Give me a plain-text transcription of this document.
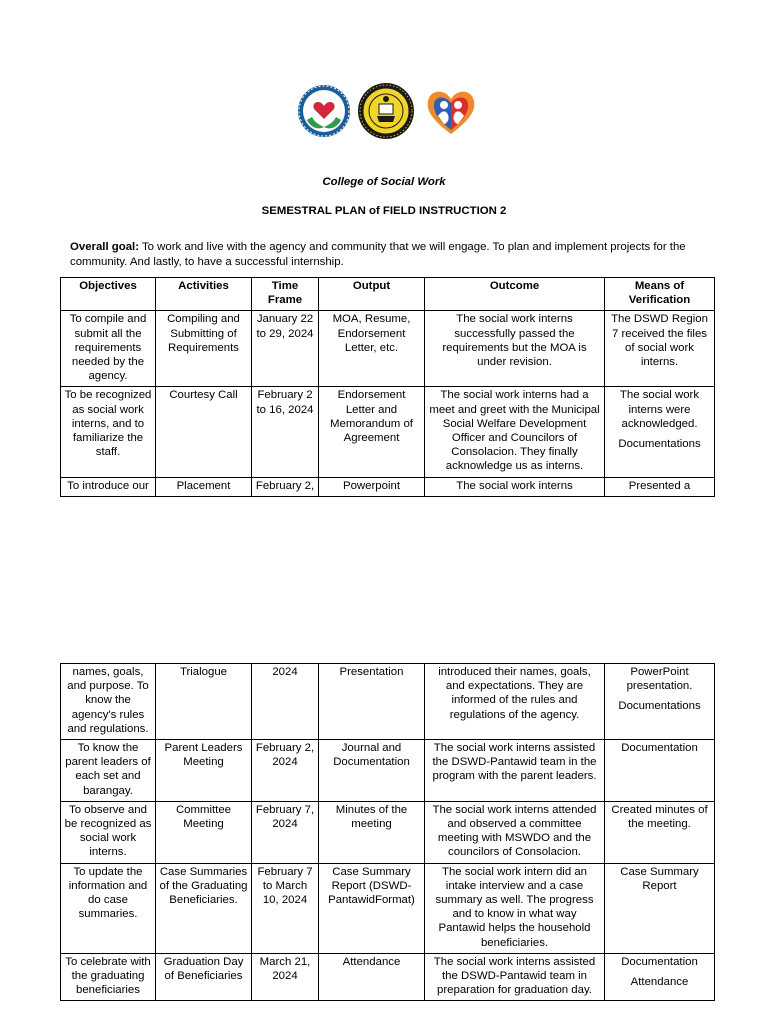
College of Social Work
SEMESTRAL PLAN of FIELD INSTRUCTION 2
Overall goal: To work and live with the agency and community that we will engage. To plan and implement projects for the community. And lastly, to have a successful internship.
Objectives	Activities	Time Frame	Output	Outcome	Means of Verification
To compile and submit all the requirements needed by the agency.	Compiling and Submitting of Requirements	January 22 to 29, 2024	MOA, Resume, Endorsement Letter, etc.	The social work interns successfully passed the requirements but the MOA is under revision.	The DSWD Region 7 received the files of social work interns.

To be recognized as social work interns, and to familiarize the staff.	Courtesy Call	February 2 to 16, 2024	Endorsement Letter and Memorandum of Agreement	The social work interns had a meet and greet with the Municipal Social Welfare Development Officer and Councilors of Consolacion. They finally acknowledge us as interns.	The social work interns were acknowledged.
Documentations

To introduce our	Placement	February 2,	Powerpoint	The social work interns	Presented a
names, goals, and purpose. To know the agency's rules and regulations.	Trialogue	2024	Presentation	introduced their names, goals, and expectations. They are informed of the rules and regulations of the agency.	PowerPoint presentation.
Documentations

To know the parent leaders of each set and barangay.	Parent Leaders Meeting	February 2, 2024	Journal and Documentation	The social work interns assisted the DSWD-Pantawid team in the program with the parent leaders.	Documentation

To observe and be recognized as social work interns.	Committee Meeting	February 7, 2024	Minutes of the meeting	The social work interns attended and observed a committee meeting with MSWDO and the councilors of Consolacion.	Created minutes of the meeting.

To update the information and do case summaries.	Case Summaries of the Graduating Beneficiaries.	February 7 to March 10, 2024	Case Summary Report (DSWD-PantawidFormat)	The social work intern did an intake interview and a case summary as well. The progress and to know in what way Pantawid helps the household beneficiaries.	Case Summary Report

To celebrate with the graduating beneficiaries	Graduation Day of Beneficiaries	March 21, 2024	Attendance	The social work interns assisted the DSWD-Pantawid team in preparation for graduation day.	Documentation
Attendance
